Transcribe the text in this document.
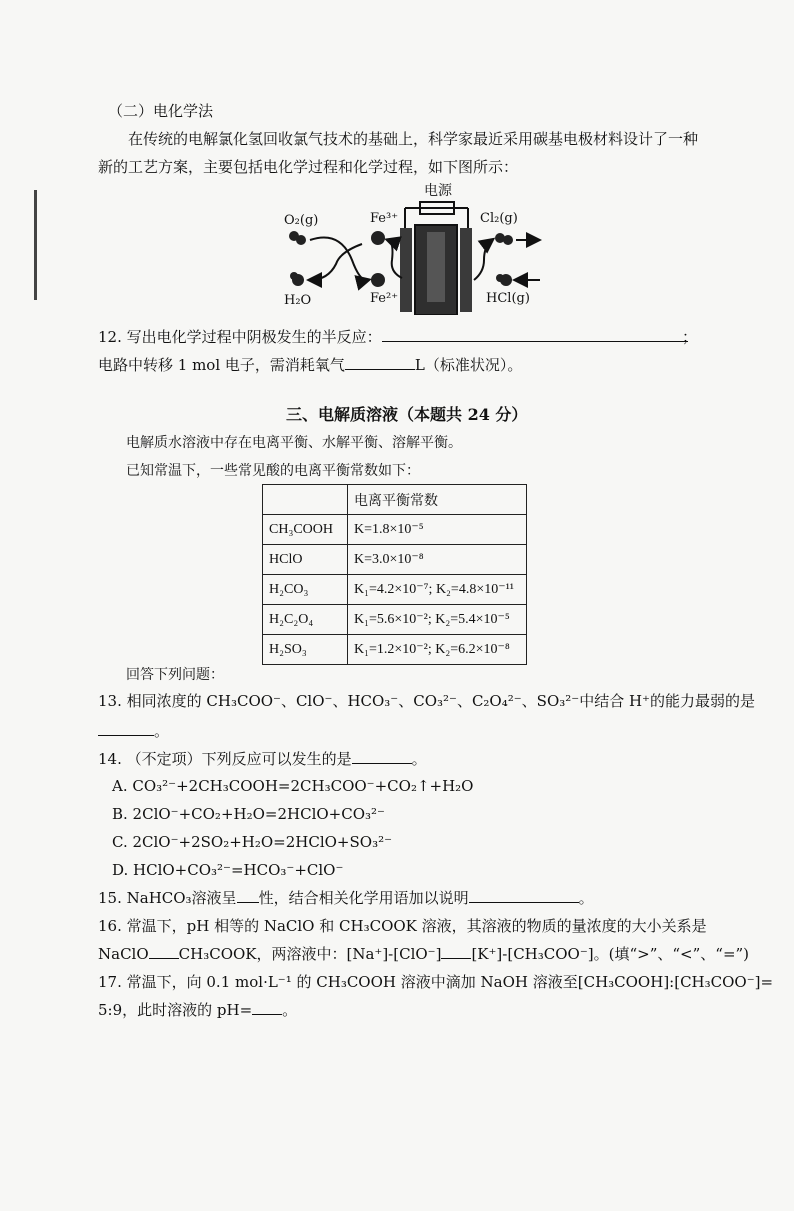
（二）电化学法
在传统的电解氯化氢回收氯气技术的基础上，科学家最近采用碳基电极材料设计了一种
新的工艺方案，主要包括电化学过程和化学过程，如下图所示：
电源
O₂(g)
H₂O
Fe³⁺
Fe²⁺
Cl₂(g)
HCl(g)
12. 写出电化学过程中阴极发生的半反应：	；
电路中转移 1 mol 电子，需消耗氧气	L（标准状况）。
三、电解质溶液（本题共 24 分）
电解质水溶液中存在电离平衡、水解平衡、溶解平衡。
已知常温下，一些常见酸的电离平衡常数如下：
	电离平衡常数
CH₃COOH	K=1.8×10⁻⁵
HClO	K=3.0×10⁻⁸
H₂CO₃	K₁=4.2×10⁻⁷; K₂=4.8×10⁻¹¹
H₂C₂O₄	K₁=5.6×10⁻²; K₂=5.4×10⁻⁵
H₂SO₃	K₁=1.2×10⁻²; K₂=6.2×10⁻⁸
回答下列问题：
13. 相同浓度的 CH₃COO⁻、ClO⁻、HCO₃⁻、CO₃²⁻、C₂O₄²⁻、SO₃²⁻中结合 H⁺的能力最弱的是
。
14. （不定项）下列反应可以发生的是	。
A. CO₃²⁻+2CH₃COOH=2CH₃COO⁻+CO₂↑+H₂O
B. 2ClO⁻+CO₂+H₂O=2HClO+CO₃²⁻
C. 2ClO⁻+2SO₂+H₂O=2HClO+SO₃²⁻
D. HClO+CO₃²⁻=HCO₃⁻+ClO⁻
15. NaHCO₃溶液呈 性，结合相关化学用语加以说明	。
16. 常温下，pH 相等的 NaClO 和 CH₃COOK 溶液，其溶液的物质的量浓度的大小关系是
NaClO CH₃COOK，两溶液中：[Na⁺]-[ClO⁻] [K⁺]-[CH₃COO⁻]。(填“>”、“<”、“=”)
17. 常温下，向 0.1 mol·L⁻¹ 的 CH₃COOH 溶液中滴加 NaOH 溶液至[CH₃COOH]:[CH₃COO⁻]=
5:9，此时溶液的 pH= 。
